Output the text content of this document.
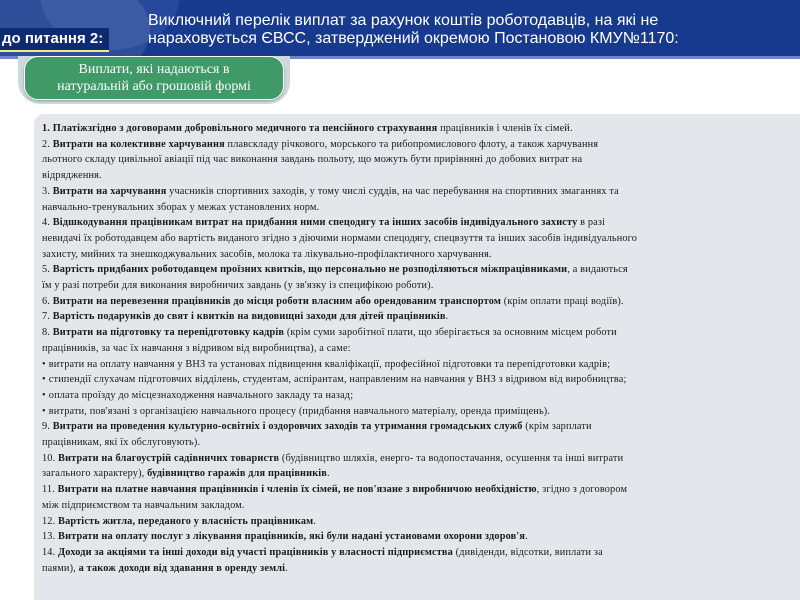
до питання 2:
Виключний перелік виплат за рахунок коштів роботодавців, на які не
нараховується ЄВСС, затверджений окремою Постановою КМУ№1170:
Виплати, які надаються в
натуральній або грошовій формі

1. Платіжзгідно з договорами добровільного медичного та пенсійного страхування працівників і членів їх сімей.

2. Витрати на колективне харчування плавскладу річкового, морського та рибопромислового флоту, а також харчування

льотного складу цивільної авіації під час виконання завдань польоту, що можуть бути прирівняні до добових витрат на

відрядження.

3. Витрати на харчування учасників спортивних заходів, у тому числі суддів, на час перебування на спортивних змаганнях та

навчально-тренувальних зборах у межах установлених норм.

4. Відшкодування працівникам витрат на придбання ними спецодягу та інших засобів індивідуального захисту в разі

невидачі їх роботодавцем або вартість виданого згідно з діючими нормами спецодягу, спецвзуття та інших засобів індивідуального

захисту, мийних та знешкоджувальних засобів, молока та лікувально-профілактичного харчування.

5. Вартість придбаних роботодавцем проїзних квитків, що персонально не розподіляються міжпрацівниками, а видаються

їм у разі потреби для виконання виробничих завдань (у зв'язку із специфікою роботи).

6. Витрати на перевезення працівників до місця роботи власним або орендованим транспортом (крім оплати праці водіїв).

7. Вартість подарунків до свят і квитків на видовищні заходи для дітей працівників.

8. Витрати на підготовку та перепідготовку кадрів (крім суми заробітної плати, що зберігається за основним місцем роботи

працівників, за час їх навчання з відривом від виробництва), а саме:

• витрати на оплату навчання у ВНЗ та установах підвищення кваліфікації, професійної підготовки та перепідготовки кадрів;

• стипендії слухачам підготовчих відділень, студентам, аспірантам, направленим на навчання у ВНЗ з відривом від виробництва;

• оплата проїзду до місцезнаходження навчального закладу та назад;

• витрати, пов'язані з організацією навчального процесу (придбання навчального матеріалу, оренда приміщень).

9. Витрати на проведення культурно-освітніх і оздоровчих заходів та утримання громадських служб (крім зарплати

працівникам, які їх обслуговують).

10. Витрати на благоустрій садівничих товариств (будівництво шляхів, енерго- та водопостачання, осушення та інші витрати

загального характеру), будівництво гаражів для працівників.

11. Витрати на платне навчання працівників і членів їх сімей, не пов'язане з виробничою необхідністю, згідно з договором

між підприємством та навчальним закладом.

12. Вартість житла, переданого у власність працівникам.

13. Витрати на оплату послуг з лікування працівників, які були надані установами охорони здоров'я.

14. Доходи за акціями та інші доходи від участі працівників у власності підприємства (дивіденди, відсотки, виплати за

паями), а також доходи від здавання в оренду землі.
